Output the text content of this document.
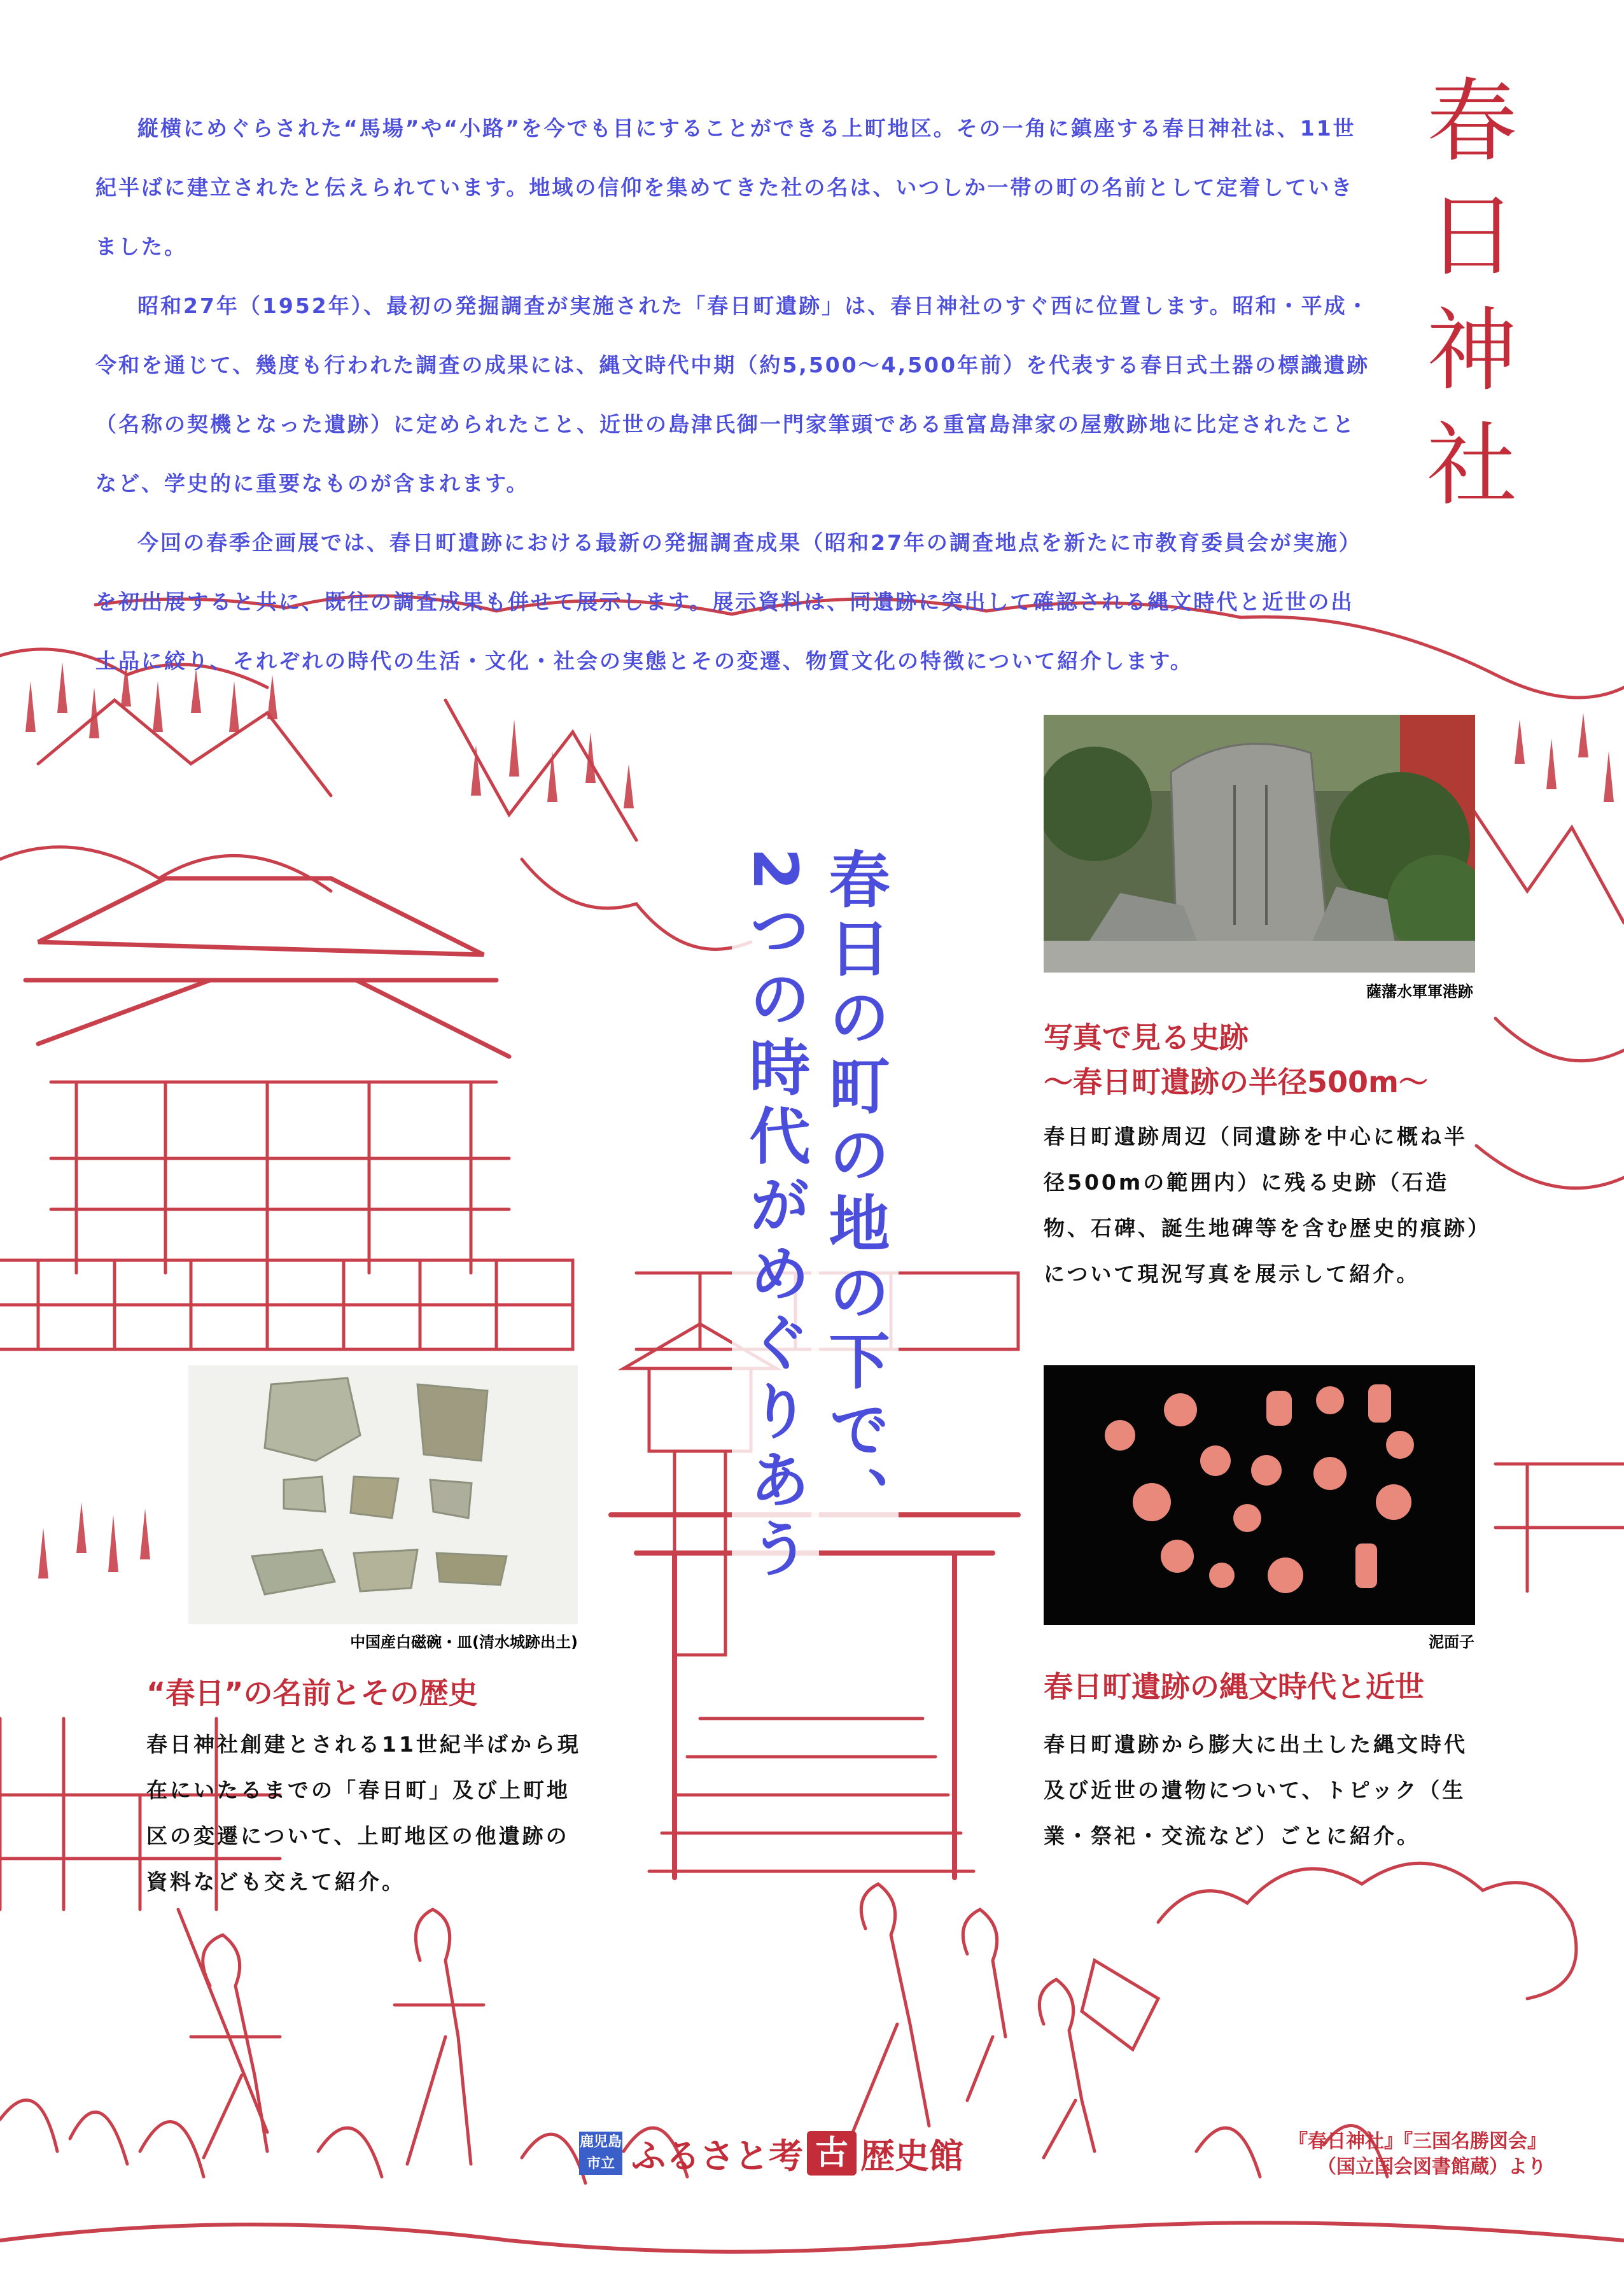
縦横にめぐらされた“馬場”や“小路”を今でも目にすることができる上町地区。その一角に鎮座する春日神社は、11世紀半ばに建立されたと伝えられています。地域の信仰を集めてきた社の名は、いつしか一帯の町の名前として定着していきました。

昭和27年（1952年）、最初の発掘調査が実施された「春日町遺跡」は、春日神社のすぐ西に位置します。昭和・平成・令和を通じて、幾度も行われた調査の成果には、縄文時代中期（約5,500〜4,500年前）を代表する春日式土器の標識遺跡（名称の契機となった遺跡）に定められたこと、近世の島津氏御一門家筆頭である重富島津家の屋敷跡地に比定されたことなど、学史的に重要なものが含まれます。

今回の春季企画展では、春日町遺跡における最新の発掘調査成果（昭和27年の調査地点を新たに市教育委員会が実施）を初出展すると共に、既往の調査成果も併せて展示します。展示資料は、同遺跡に突出して確認される縄文時代と近世の出土品に絞り、それぞれの時代の生活・文化・社会の実態とその変遷、物質文化の特徴について紹介します。

春日神社
春日の町の地の下で、
2つの時代がめぐりあう	薩藩水軍軍港跡
写真で見る史跡
〜春日町遺跡の半径500m〜
春日町遺跡周辺（同遺跡を中心に概ね半径500mの範囲内）に残る史跡（石造物、石碑、誕生地碑等を含む歴史的痕跡）について現況写真を展示して紹介。
中国産白磁碗・皿(清水城跡出土)
“春日”の名前とその歴史
春日神社創建とされる11世紀半ばから現在にいたるまでの「春日町」及び上町地区の変遷について、上町地区の他遺跡の資料なども交えて紹介。
泥面子
春日町遺跡の縄文時代と近世
春日町遺跡から膨大に出土した縄文時代及び近世の遺物について、トピック（生業・祭祀・交流など）ごとに紹介。
鹿児島市立 ふるさと考 古 歴史館	『春日神社』『三国名勝図会』
（国立国会図書館蔵）より
